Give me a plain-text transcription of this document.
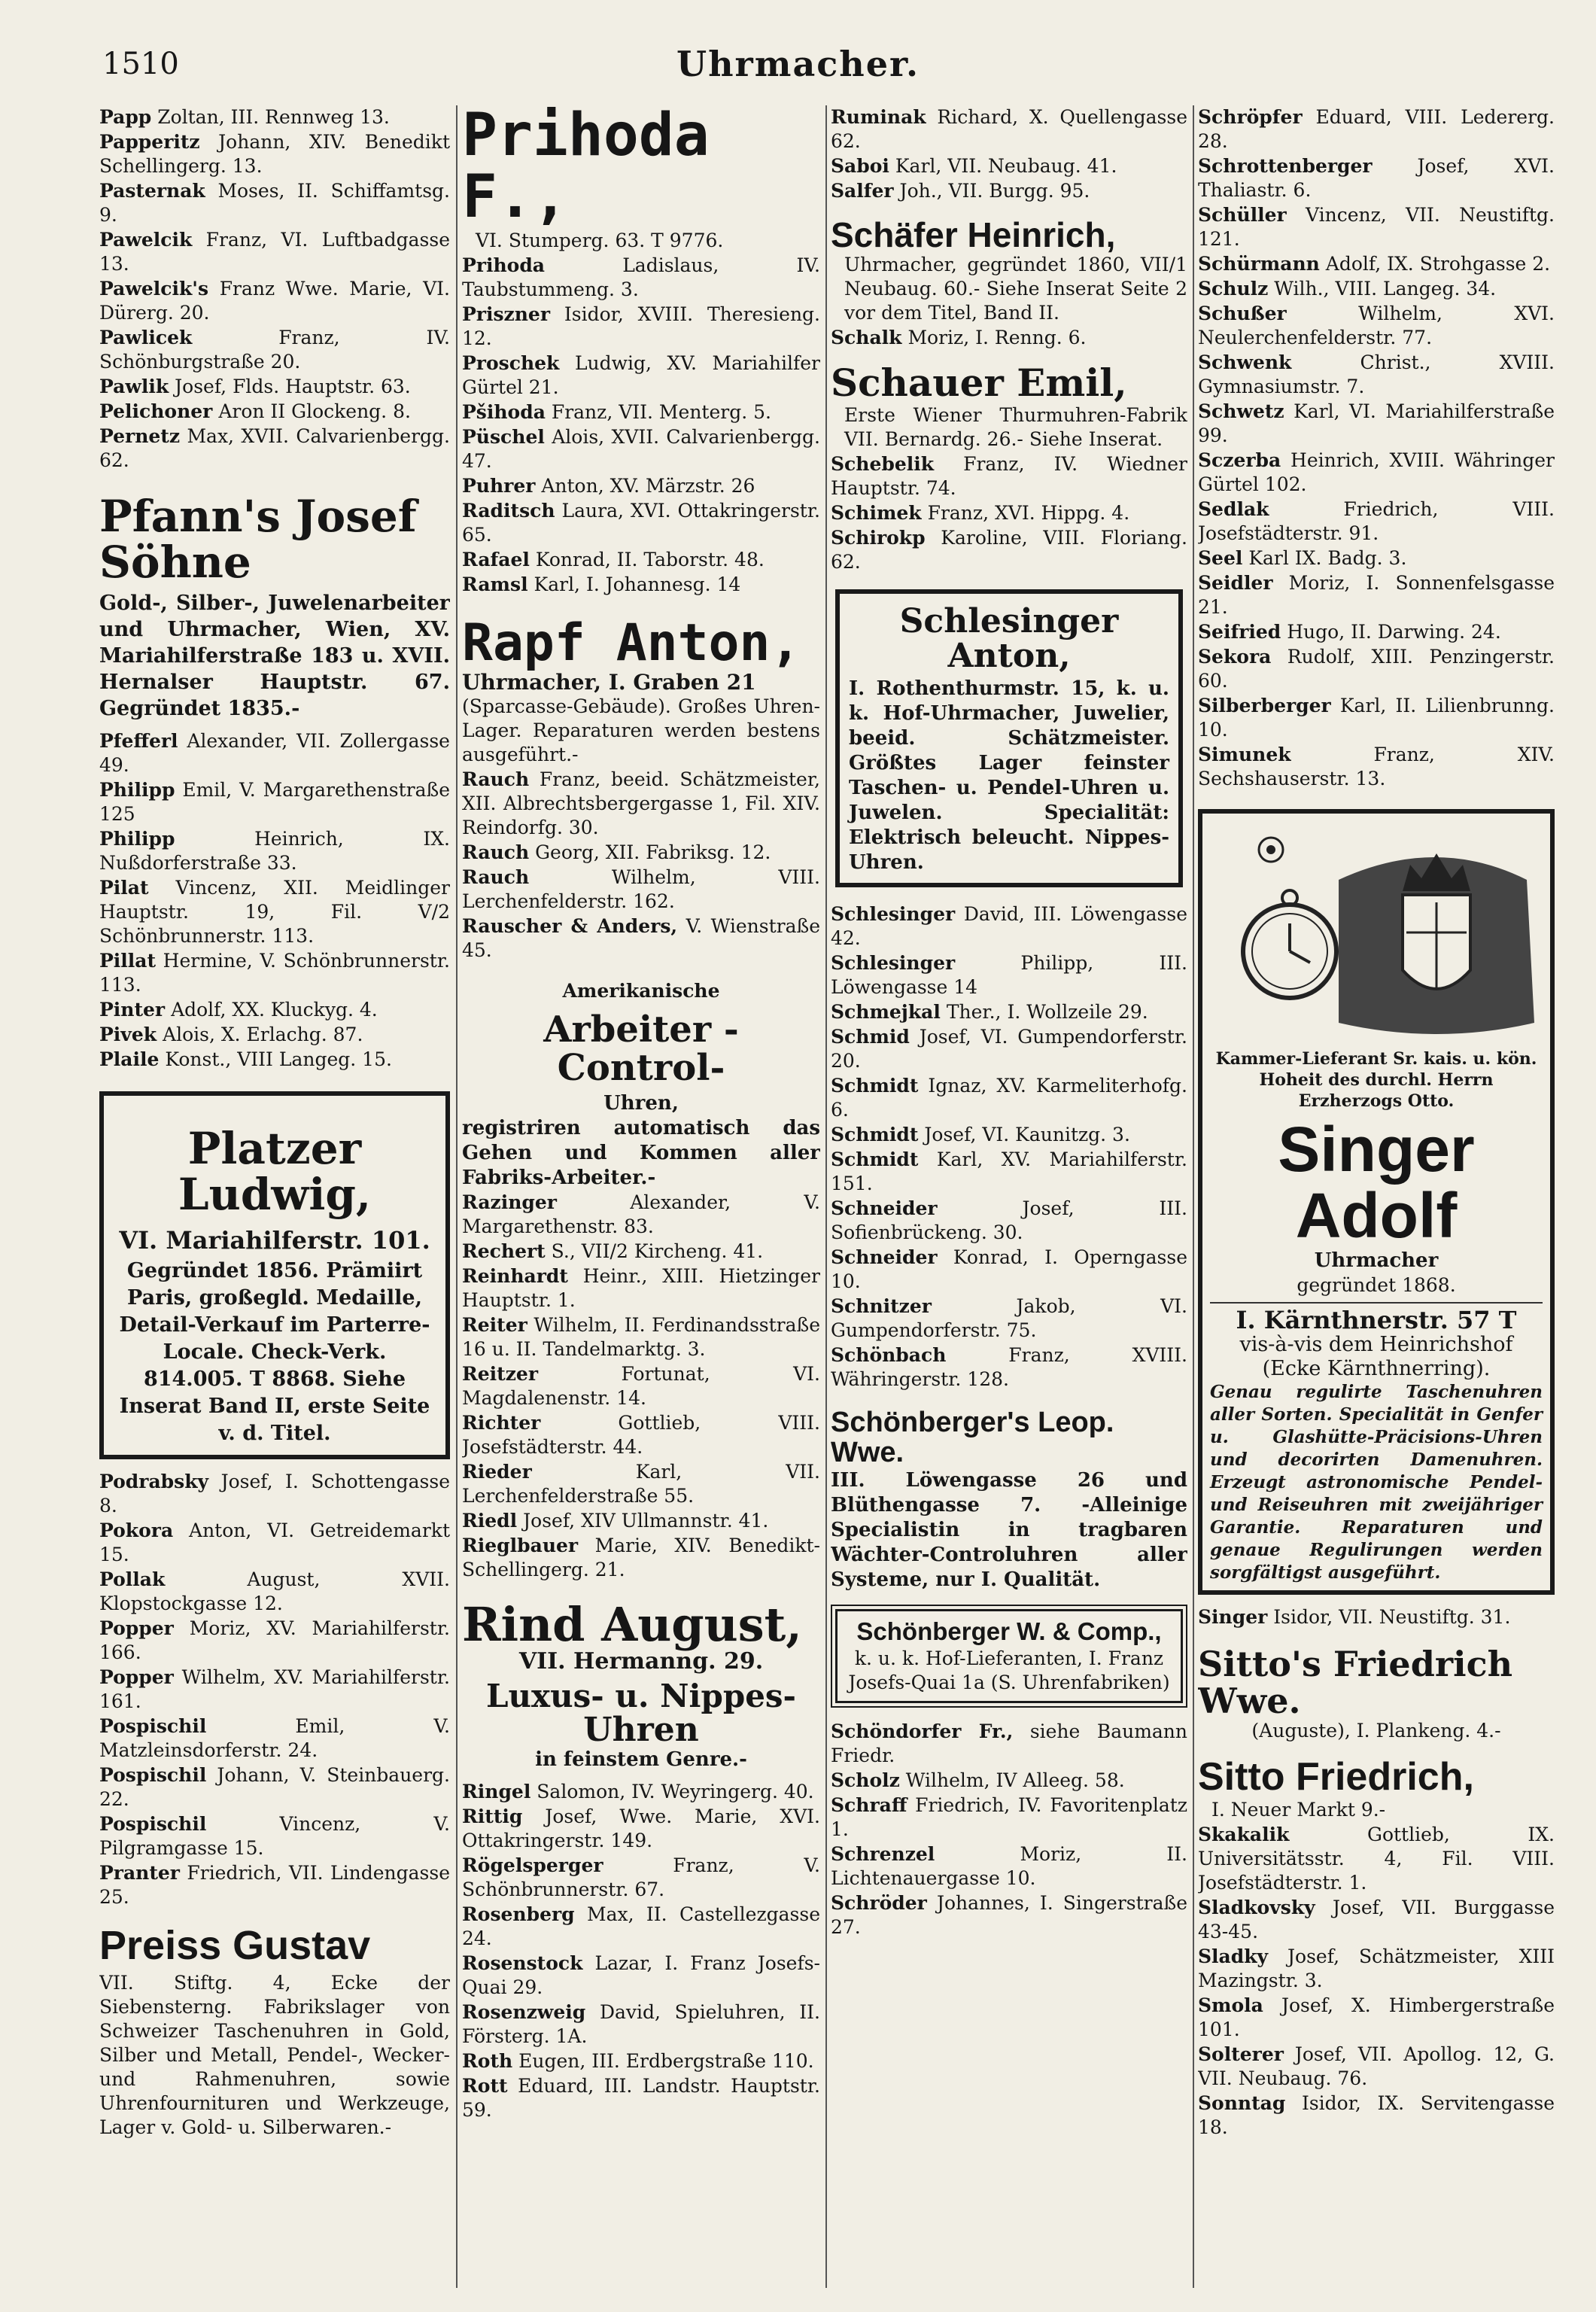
1510	Uhrmacher.
Papp Zoltan, III. Rennweg 13.
Papperitz Johann, XIV. Benedikt Schellingerg. 13.
Pasternak Moses, II. Schiffamtsg. 9.
Pawelcik Franz, VI. Luftbadgasse 13.
Pawelcik's Franz Wwe. Marie, VI. Dürerg. 20.
Pawlicek	Franz, IV. Schönburgstraße 20.
Pawlik Josef, Flds. Hauptstr. 63.
Pelichoner Aron II Glockeng. 8.
Pernetz Max, XVII. Calvarienbergg. 62.
Pfann's Josef Söhne
Gold-, Silber-, Juwelenarbeiter und Uhrmacher, Wien, XV. Mariahilferstraße 183 u. XVII. Hernalser Hauptstr. 67. Gegründet 1835.-
Pfefferl Alexander, VII. Zollergasse 49.
Philipp Emil, V. Margarethenstraße 125
Philipp	Heinrich, IX. Nußdorferstraße 33.
Pilat Vincenz, XII. Meidlinger Hauptstr. 19, Fil. V/2 Schönbrunnerstr. 113.
Pillat Hermine, V. Schönbrunnerstr. 113.
Pinter Adolf, XX. Kluckyg. 4.
Pivek Alois, X. Erlachg. 87.
Plaile Konst., VIII Langeg. 15.
Platzer Ludwig,
VI. Mariahilferstr. 101.
Gegründet 1856. Prämiirt Paris, großegld. Medaille, Detail-Verkauf im Parterre-Locale. Check-Verk. 814.005. T 8868. Siehe Inserat Band II, erste Seite v. d. Titel.
Podrabsky Josef, I. Schottengasse 8.
Pokora Anton, VI. Getreidemarkt 15.
Pollak	August, XVII. Klopstockgasse 12.
Popper Moriz, XV. Mariahilferstr. 166.
Popper Wilhelm, XV. Mariahilferstr. 161.
Pospischil	Emil, V. Matzleinsdorferstr. 24.
Pospischil Johann, V. Steinbauerg. 22.
Pospischil	Vincenz, V. Pilgramgasse 15.
Pranter Friedrich, VII. Lindengasse 25.
Preiss Gustav
VII. Stiftg. 4, Ecke der Siebensterng. Fabrikslager von Schweizer Taschenuhren in Gold, Silber und Metall, Pendel-, Wecker- und Rahmenuhren, sowie Uhrenfournituren und Werkzeuge, Lager v. Gold- u. Silberwaren.-
Prihoda F.,
VI. Stumperg. 63. T 9776.
Prihoda	Ladislaus, IV. Taubstummeng. 3.
Priszner Isidor, XVIII. Theresieng. 12.
Proschek Ludwig, XV. Mariahilfer Gürtel 21.
Pšihoda Franz, VII. Menterg. 5.
Püschel Alois, XVII. Calvarienbergg. 47.
Puhrer Anton, XV. Märzstr. 26
Raditsch Laura, XVI. Ottakringerstr. 65.
Rafael Konrad, II. Taborstr. 48.
Ramsl Karl, I. Johannesg. 14
Rapf Anton,
Uhrmacher, I. Graben 21
(Sparcasse-Gebäude). Großes Uhren-Lager. Reparaturen werden bestens ausgeführt.-
Rauch Franz, beeid. Schätzmeister, XII. Albrechtsbergergasse 1, Fil. XIV. Reindorfg. 30.
Rauch Georg, XII. Fabriksg. 12.
Rauch	Wilhelm, VIII. Lerchenfelderstr. 162.
Rauscher & Anders, V. Wienstraße 45.
Amerikanische
Arbeiter - Control-
Uhren,
registriren automatisch das Gehen und Kommen aller Fabriks-Arbeiter.-
Razinger	Alexander, V. Margarethenstr. 83.
Rechert S., VII/2 Kircheng. 41.
Reinhardt Heinr., XIII. Hietzinger Hauptstr. 1.
Reiter Wilhelm, II. Ferdinandsstraße 16 u. II. Tandelmarktg. 3.
Reitzer	Fortunat, VI. Magdalenenstr. 14.
Richter	Gottlieb, VIII. Josefstädterstr. 44.
Rieder	Karl, VII. Lerchenfelderstraße 55.
Riedl Josef, XIV Ullmannstr. 41.
Rieglbauer Marie, XIV. Benedikt-Schellingerg. 21.
Rind August,
VII. Hermanng. 29.
Luxus- u. Nippes-
Uhren
in feinstem Genre.-
Ringel Salomon, IV. Weyringerg. 40.
Rittig Josef, Wwe. Marie, XVI. Ottakringerstr. 149.
Rögelsperger	Franz, V. Schönbrunnerstr. 67.
Rosenberg Max, II. Castellezgasse 24.
Rosenstock Lazar, I. Franz Josefs-Quai 29.
Rosenzweig David, Spieluhren, II. Försterg. 1A.
Roth Eugen, III. Erdbergstraße 110.
Rott Eduard, III. Landstr. Hauptstr. 59.
Ruminak Richard, X. Quellengasse 62.
Saboi Karl, VII. Neubaug. 41.
Salfer Joh., VII. Burgg. 95.
Schäfer Heinrich,
Uhrmacher, gegründet 1860, VII/1 Neubaug. 60.- Siehe Inserat Seite 2 vor dem Titel, Band II.
Schalk Moriz, I. Renng. 6.
Schauer Emil,
Erste Wiener Thurmuhren-Fabrik VII. Bernardg. 26.- Siehe Inserat.
Schebelik Franz, IV. Wiedner Hauptstr. 74.
Schimek Franz, XVI. Hippg. 4.
Schirokp Karoline, VIII. Floriang. 62.
Schlesinger Anton,
I. Rothenthurmstr. 15, k. u. k. Hof-Uhrmacher, Juwelier, beeid. Schätzmeister. Größtes Lager feinster Taschen- u. Pendel-Uhren u. Juwelen. Specialität: Elektrisch beleucht. Nippes-Uhren.
Schlesinger David, III. Löwengasse 42.
Schlesinger	Philipp, III. Löwengasse 14
Schmejkal Ther., I. Wollzeile 29.
Schmid Josef, VI. Gumpendorferstr. 20.
Schmidt Ignaz, XV. Karmeliterhofg. 6.
Schmidt Josef, VI. Kaunitzg. 3.
Schmidt Karl, XV. Mariahilferstr. 151.
Schneider	Josef, III. Sofienbrückeng. 30.
Schneider Konrad, I. Operngasse 10.
Schnitzer	Jakob, VI. Gumpendorferstr. 75.
Schönbach	Franz, XVIII. Währingerstr. 128.
Schönberger's Leop. Wwe.
III. Löwengasse 26 und Blüthengasse 7. -Alleinige Specialistin in tragbaren Wächter-Controluhren aller Systeme, nur I. Qualität.
Schönberger W. & Comp.,
k. u. k. Hof-Lieferanten, I. Franz Josefs-Quai 1a (S. Uhrenfabriken)
Schöndorfer Fr., siehe Baumann Friedr.
Scholz Wilhelm, IV Alleeg. 58.
Schraff Friedrich, IV. Favoritenplatz 1.
Schrenzel	Moriz, II. Lichtenauergasse 10.
Schröder Johannes, I. Singerstraße 27.
Schröpfer Eduard, VIII. Ledererg. 28.
Schrottenberger Josef, XVI. Thaliastr. 6.
Schüller Vincenz, VII. Neustiftg. 121.
Schürmann Adolf, IX. Strohgasse 2.
Schulz Wilh., VIII. Langeg. 34.
Schußer	Wilhelm, XVI. Neulerchenfelderstr. 77.
Schwenk	Christ., XVIII. Gymnasiumstr. 7.
Schwetz Karl, VI. Mariahilferstraße 99.
Sczerba Heinrich, XVIII. Währinger Gürtel 102.
Sedlak	Friedrich, VIII. Josefstädterstr. 91.
Seel Karl IX. Badg. 3.
Seidler Moriz, I. Sonnenfelsgasse 21.
Seifried Hugo, II. Darwing. 24.
Sekora Rudolf, XIII. Penzingerstr. 60.
Silberberger Karl, II. Lilienbrunng. 10.
Simunek	Franz, XIV. Sechshauserstr. 13.
Kammer-Lieferant Sr. kais. u. kön. Hoheit des durchl. Herrn Erzherzogs Otto.
Singer Adolf
Uhrmacher
gegründet 1868.
I. Kärnthnerstr. 57 T
vis-à-vis dem Heinrichshof
(Ecke Kärnthnerring).
Genau regulirte Taschenuhren aller Sorten. Specialität in Genfer u. Glashütte-Präcisions-Uhren und decorirten Damenuhren. Erzeugt astronomische Pendel- und Reiseuhren mit zweijähriger Garantie. Reparaturen und genaue Regulirungen werden sorgfältigst ausgeführt.
Singer Isidor, VII. Neustiftg. 31.
Sitto's Friedrich Wwe.
(Auguste), I. Plankeng. 4.-
Sitto Friedrich,
I. Neuer Markt 9.-
Skakalik	Gottlieb, IX. Universitätsstr. 4, Fil. VIII. Josefstädterstr. 1.
Sladkovsky Josef, VII. Burggasse 43-45.
Sladky Josef, Schätzmeister, XIII Mazingstr. 3.
Smola Josef, X. Himbergerstraße 101.
Solterer Josef, VII. Apollog. 12, G. VII. Neubaug. 76.
Sonntag Isidor, IX. Servitengasse 18.
